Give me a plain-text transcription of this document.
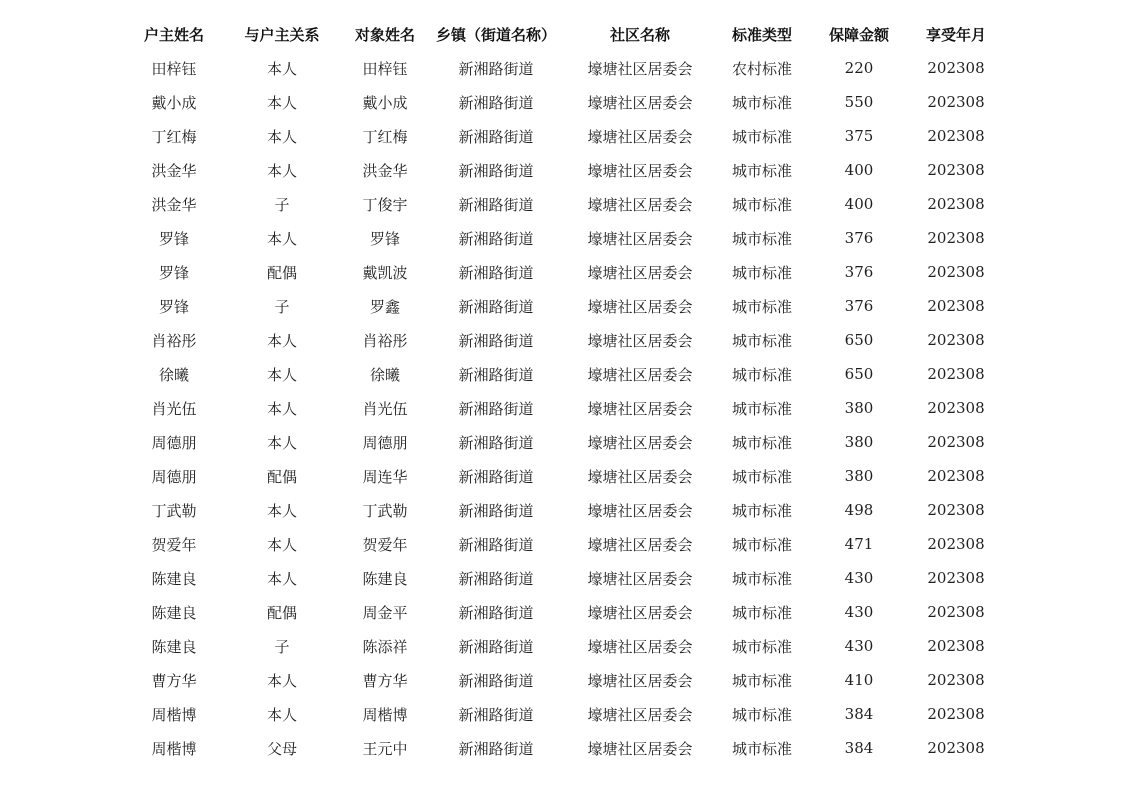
户主姓名	与户主关系	对象姓名	乡镇（街道名称）	社区名称	标准类型	保障金额	享受年月
田梓钰	本人	田梓钰	新湘路街道	壕塘社区居委会	农村标准	220	202308
戴小成	本人	戴小成	新湘路街道	壕塘社区居委会	城市标准	550	202308
丁红梅	本人	丁红梅	新湘路街道	壕塘社区居委会	城市标准	375	202308
洪金华	本人	洪金华	新湘路街道	壕塘社区居委会	城市标准	400	202308
洪金华	子	丁俊宇	新湘路街道	壕塘社区居委会	城市标准	400	202308
罗锋	本人	罗锋	新湘路街道	壕塘社区居委会	城市标准	376	202308
罗锋	配偶	戴凯波	新湘路街道	壕塘社区居委会	城市标准	376	202308
罗锋	子	罗鑫	新湘路街道	壕塘社区居委会	城市标准	376	202308
肖裕彤	本人	肖裕彤	新湘路街道	壕塘社区居委会	城市标准	650	202308
徐曦	本人	徐曦	新湘路街道	壕塘社区居委会	城市标准	650	202308
肖光伍	本人	肖光伍	新湘路街道	壕塘社区居委会	城市标准	380	202308
周德朋	本人	周德朋	新湘路街道	壕塘社区居委会	城市标准	380	202308
周德朋	配偶	周连华	新湘路街道	壕塘社区居委会	城市标准	380	202308
丁武勒	本人	丁武勒	新湘路街道	壕塘社区居委会	城市标准	498	202308
贺爱年	本人	贺爱年	新湘路街道	壕塘社区居委会	城市标准	471	202308
陈建良	本人	陈建良	新湘路街道	壕塘社区居委会	城市标准	430	202308
陈建良	配偶	周金平	新湘路街道	壕塘社区居委会	城市标准	430	202308
陈建良	子	陈添祥	新湘路街道	壕塘社区居委会	城市标准	430	202308
曹方华	本人	曹方华	新湘路街道	壕塘社区居委会	城市标准	410	202308
周楷博	本人	周楷博	新湘路街道	壕塘社区居委会	城市标准	384	202308
周楷博	父母	王元中	新湘路街道	壕塘社区居委会	城市标准	384	202308
